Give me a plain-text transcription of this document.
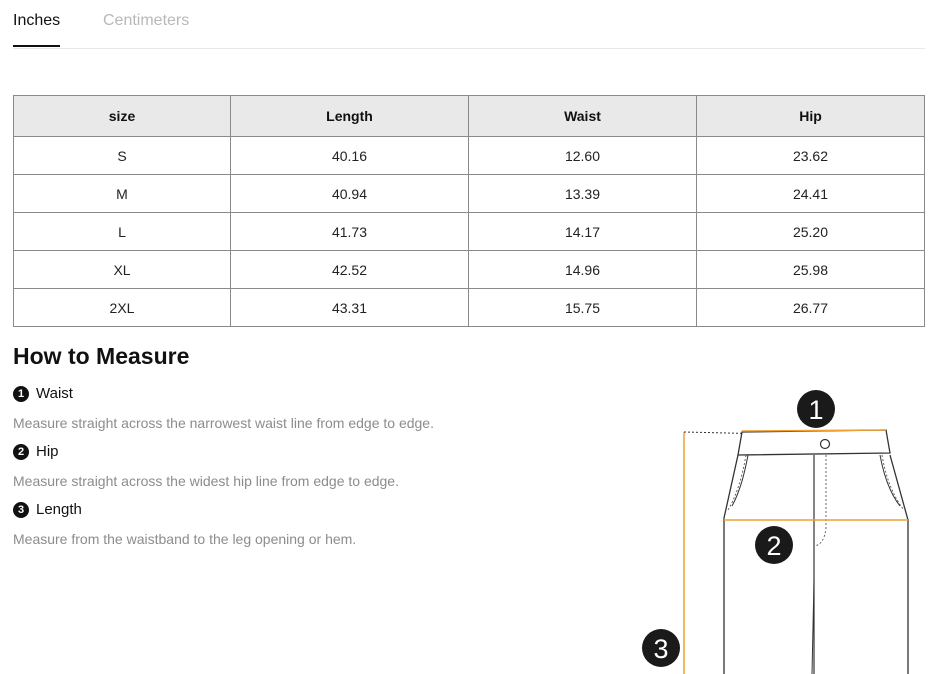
Inches	Centimeters
size	Length	Waist	Hip
S	40.16	12.60	23.62
M	40.94	13.39	24.41
L	41.73	14.17	25.20
XL	42.52	14.96	25.98
2XL	43.31	15.75	26.77
How to Measure
1 Waist
Measure straight across the narrowest waist line from edge to edge.
2 Hip
Measure straight across the widest hip line from edge to edge.
3 Length
Measure from the waistband to the leg opening or hem.
1
2
3
